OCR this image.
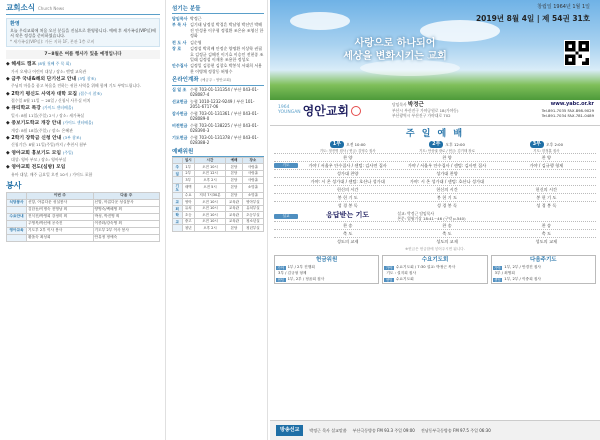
교회소식 Church News
환영
오늘 우리교회에 처음 오신 분들을 진심으로 환영합니다. 예배 후 새가족실(VIP실)에서 작은 정성을 준비하였습니다.
* 새가족실(VIP실): 가든 지하 1F, 본관 1층 로비
7~8월은 여름 행사가 있을 예정입니다
◆ 헤세드 캠프 (8월 첫째 주 목 회)
가서 오세나 어린이 대상 / 장소: 벧엘 교육관
◆ 금주 국내&해외 단기선교 안내 (3팀 참조)
주님의 마음을 품고 복음을 전하는 귀한 사역을 위해 함께 기도 부탁드립니다.
◆ 2학기 평신도 사역자 대학 모집 (접수시 참조)
접수일 8월 11일 ~ 28일 / 신청서 사무실 비치
◆ 큐티학교 특강 (가이드 센터배울)
일시: 8월 11일(주일) 2시 / 장소: 새가족실
◆ 중보기도학교 개강 안내 (가이드 센터배울)
개강: 8월 18일(주일) / 장소: 은혜관
◆ 2학기 장학금 신청 안내 (3부 참조)
신청기간: 8월 11일(주일)까지 / 추천서 첨부
◆ 영아교회 홍보기도 모임 (주일)
대상: 영아 부모 / 장소: 영아부실
◆ 영아교회 전도(심방) 모임
유아 대상, 매주 금요일 오전 10시 / 가이드 포함
봉사
	이번 주	다음 주
식당봉사	신앙, 아름다운 성실봉사	신앙, 아름다운 성실봉사
	김한동/이명숙 전영남 외	양영숙/백혜영 외
수요안내	진식진/박영희 강정미 외	박성, 박진영 외
	주영목/박신애 공숙진	이종화/강숙영 외
영아교육	기도부 2부 이사 봉사	기도부 2부 이사 봉사
	황을숙 최성희	안유정 정애숙
섬기는 분들
담임목사 박정근
부 목 사 김기태 남정설 박경흔 박남영 박선민 박해진 안성용 이우형 정철환 조은유 조영신 한정화
전 도 사 김순영
장 로	김정섭 박희배 안정순 양명환 이상학 권필호 김정균 김해진 이기효 이승인 전현종 조일래 김정섭 이재홍 조용한 정성오
안수집사 김정일 김종현 김창호 박봉석 서대희 서용찬 이병채 정창동 허영수
온라인계좌 (예금주 : 영안교회)
십 일 조 수협 703-01-131354 / 부산 043-01-028087-4
선교헌금 농협 1010-1232-9249 / 부산 101-2051-6717-06
감사헌금 수협 703-01-131361 / 부산 043-01-028089-0
비전헌금 수협 703-01-138225 / 부산 043-01-028390-3
기도헌금 수협 703-01-131378 / 부산 043-01-028388-2
예배위원
	일시	시간	예배	장소
주	1부	오전 10시	본당	사랑홀
일	2부	오전 12시	본당	사랑홀
	3부	오후 2시	본당	사랑홀
기도	새벽	오전 5시	본당	소망홀
	수요	저녁 7시30분	본당	소망홀
교	영아	오전 10시	교육관	영아부실
회	유치	오전 10시	교육관	유치부실
학	초등	오전 10시	교육관	초등부실
교	중고	오전 10시	교육관	청소년실
	청년	오후 2시	본당	청년부실
창립일 1964년 1월 1일
2019년 8월 4일 | 제 54권 31호
사랑으로 하나되어
세상을 변화시키는 교회
1964
YOUNGAN 영안교회	담임목사 박정근
부산시 부산진구 가야공원로 18(가야동)
부산광역시 부산진구 가야대로 702
www.yabc.or.kr
Tel.891-7035 FAX.898-9029
Tel.891-7034 FAX.781-0489
주 일 예 배
1부	오전 10:00
기도: 정진명 집사 / 헌금: 김영수 집사
2부	오후 12:00
기도: 안상권 장로 / 헌금: 김기태 장로
3부	오후 2:00
기도: 한정훈 집사
찬 양	찬 양	찬 양
기도	가야 / 서울우 안수집사 / 센텀: 김사연 집사	가야 / 서울우 안수집사 / 센텀: 김사연 집사	가야 / 김규행 형제
성가대 찬양	성가대 찬양
가야: 시 온 성가대 / 센텀: 호산나 성가대	가야: 시 온 성가대 / 센텀: 호산나 성가대
헌신의 시간	헌신의 시간	헌신의 시간
봉 헌 기 도	봉 헌 기 도	봉 헌 기 도
성 경 봉 독	성 경 봉 독	성 경 봉 독
설교	응답받는 기도	설교: 박정근 담임목사
본문: 열왕기상 18:41~46 (구약 p.540)
찬 송	찬 송	찬 송
축 도	축 도	축 도
성도의 교제	성도의 교제	성도의 교제
※헌금은 헌금함에 넣어주시면 됩니다.
헌금위원
가야 1부 / 2부 진행희
3부 / 김규형 형제
센텀 1부, 2부 / 정윤희 집사
수요기도회
가야 수요기도회 / 7:30 설교: 박정근 목사
기도 : 설지희 집사
센텀 수요기도회
다음주기도
가야 1부, 2부 / 안경진 집사
3부 / 최영희
센텀 1부, 2부 / 이중희 집사
방송선교	박정근 목사 설교말씀 부산극동방송 FM 93.3 주일 09:00 전남동부극동방송 FM 97.5 주일 06:30
